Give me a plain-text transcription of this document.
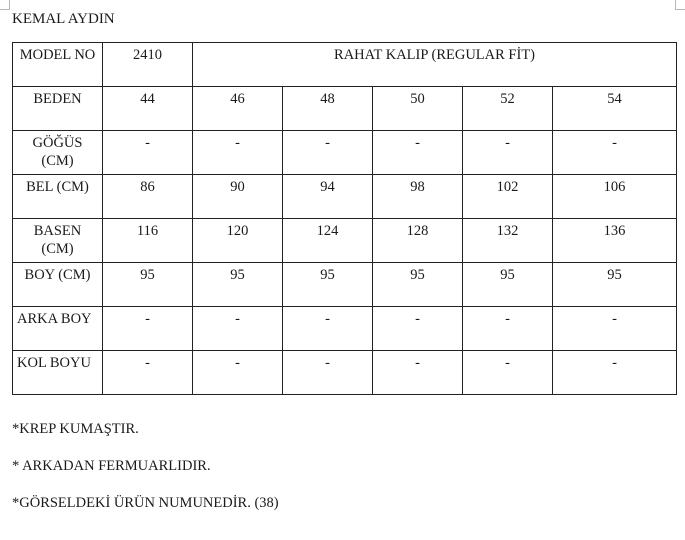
KEMAL AYDIN
MODEL NO	2410	RAHAT KALIP (REGULAR FİT)				
BEDEN	44	46	48	50	52	54
GÖĞÜS (CM)	-	-	-	-	-	-
BEL (CM)	86	90	94	98	102	106
BASEN (CM)	116	120	124	128	132	136
BOY (CM)	95	95	95	95	95	95
ARKA BOY	-	-	-	-	-	-
KOL BOYU	-	-	-	-	-	-
*KREP KUMAŞTIR.
* ARKADAN FERMUARLIDIR.
*GÖRSELDEKİ ÜRÜN NUMUNEDİR. (38)
